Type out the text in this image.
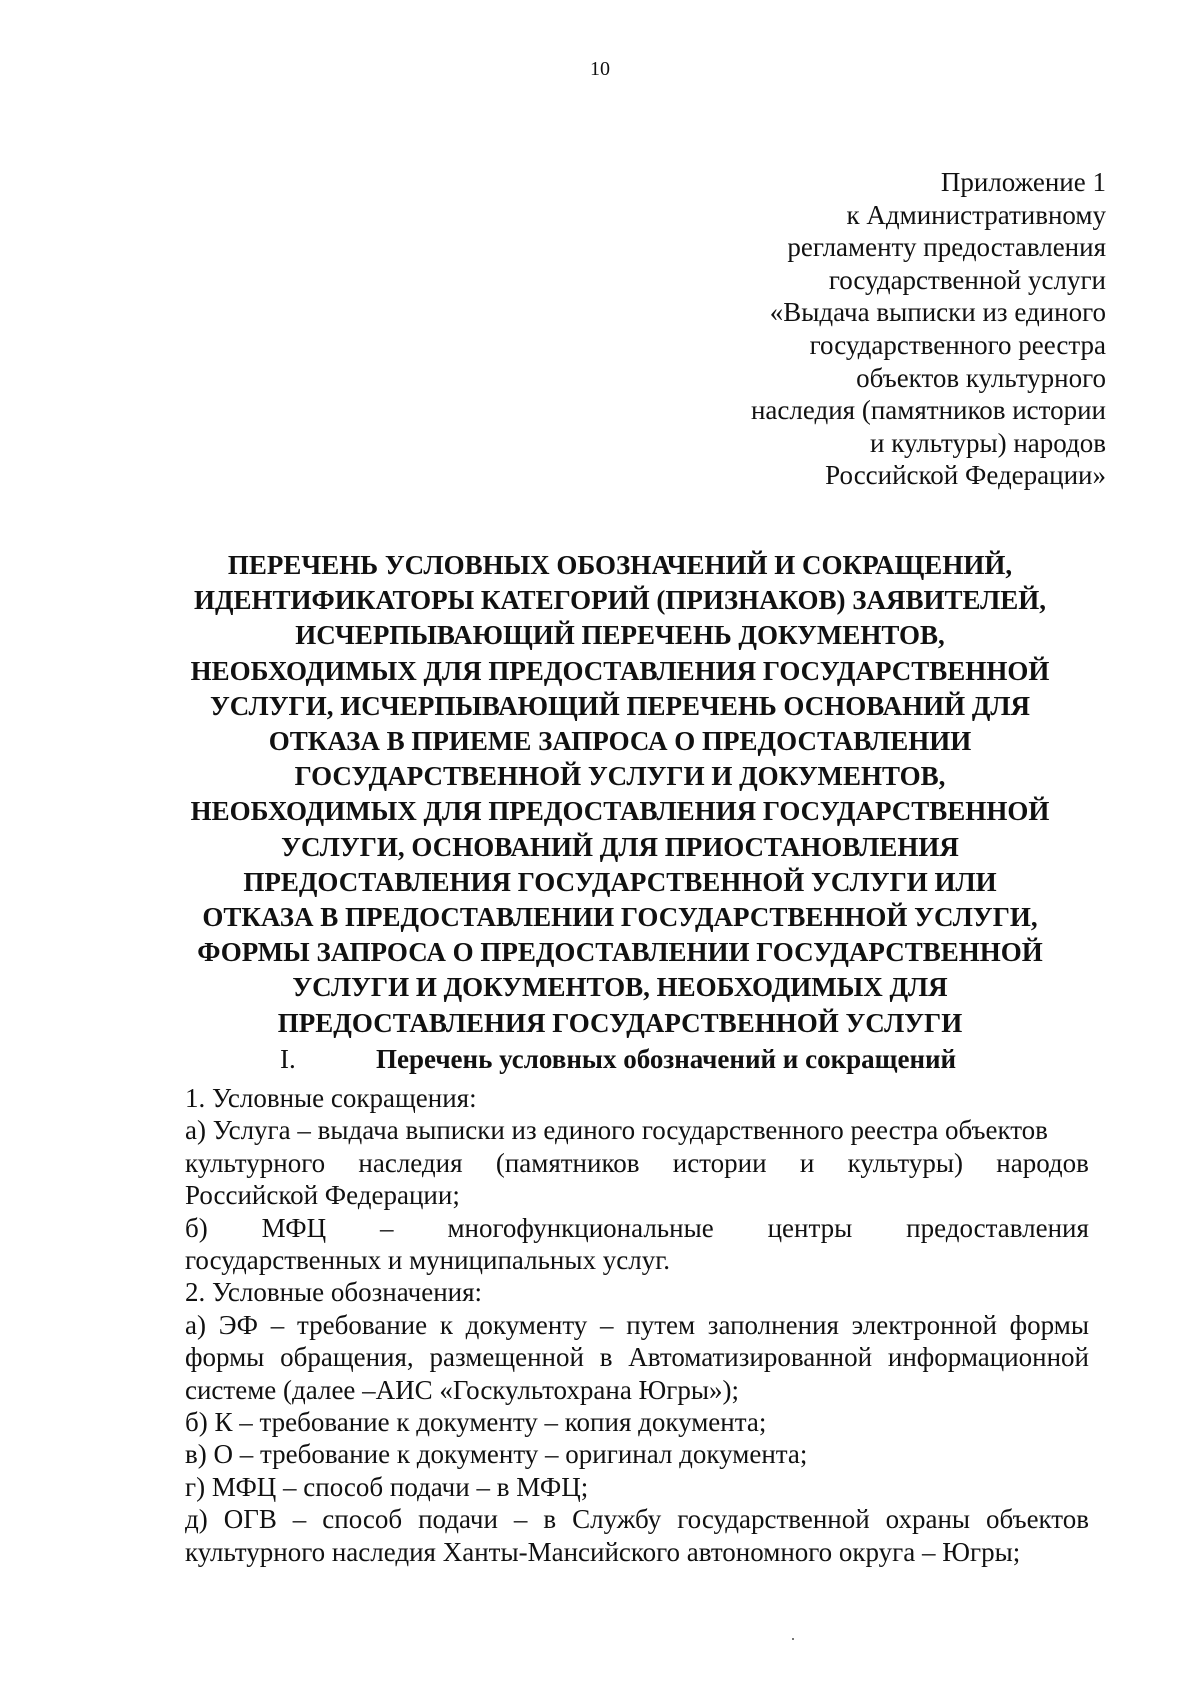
10
Приложение 1
к Административному
регламенту предоставления
государственной услуги
«Выдача выписки из единого
государственного реестра
объектов культурного
наследия (памятников истории
и культуры) народов
Российской Федерации»
ПЕРЕЧЕНЬ УСЛОВНЫХ ОБОЗНАЧЕНИЙ И СОКРАЩЕНИЙ,
ИДЕНТИФИКАТОРЫ КАТЕГОРИЙ (ПРИЗНАКОВ) ЗАЯВИТЕЛЕЙ,
ИСЧЕРПЫВАЮЩИЙ ПЕРЕЧЕНЬ ДОКУМЕНТОВ,
НЕОБХОДИМЫХ ДЛЯ ПРЕДОСТАВЛЕНИЯ ГОСУДАРСТВЕННОЙ
УСЛУГИ, ИСЧЕРПЫВАЮЩИЙ ПЕРЕЧЕНЬ ОСНОВАНИЙ ДЛЯ
ОТКАЗА В ПРИЕМЕ ЗАПРОСА О ПРЕДОСТАВЛЕНИИ
ГОСУДАРСТВЕННОЙ УСЛУГИ И ДОКУМЕНТОВ,
НЕОБХОДИМЫХ ДЛЯ ПРЕДОСТАВЛЕНИЯ ГОСУДАРСТВЕННОЙ
УСЛУГИ, ОСНОВАНИЙ ДЛЯ ПРИОСТАНОВЛЕНИЯ
ПРЕДОСТАВЛЕНИЯ ГОСУДАРСТВЕННОЙ УСЛУГИ ИЛИ
ОТКАЗА В ПРЕДОСТАВЛЕНИИ ГОСУДАРСТВЕННОЙ УСЛУГИ,
ФОРМЫ ЗАПРОСА О ПРЕДОСТАВЛЕНИИ ГОСУДАРСТВЕННОЙ
УСЛУГИ И ДОКУМЕНТОВ, НЕОБХОДИМЫХ ДЛЯ
ПРЕДОСТАВЛЕНИЯ ГОСУДАРСТВЕННОЙ УСЛУГИ
I.	Перечень условных обозначений и сокращений
1. Условные сокращения:
а) Услуга – выдача выписки из единого государственного реестра объектов
культурного наследия (памятников истории и культуры) народов
Российской Федерации;
б) МФЦ – многофункциональные центры предоставления
государственных и муниципальных услуг.
2. Условные обозначения:
а) ЭФ – требование к документу – путем заполнения электронной формы
формы обращения, размещенной в Автоматизированной информационной
системе (далее –АИС «Госкультохрана Югры»);
б) К – требование к документу – копия документа;
в) О – требование к документу – оригинал документа;
г) МФЦ – способ подачи – в МФЦ;
д) ОГВ – способ подачи – в Службу государственной охраны объектов
культурного наследия Ханты-Мансийского автономного округа – Югры;
